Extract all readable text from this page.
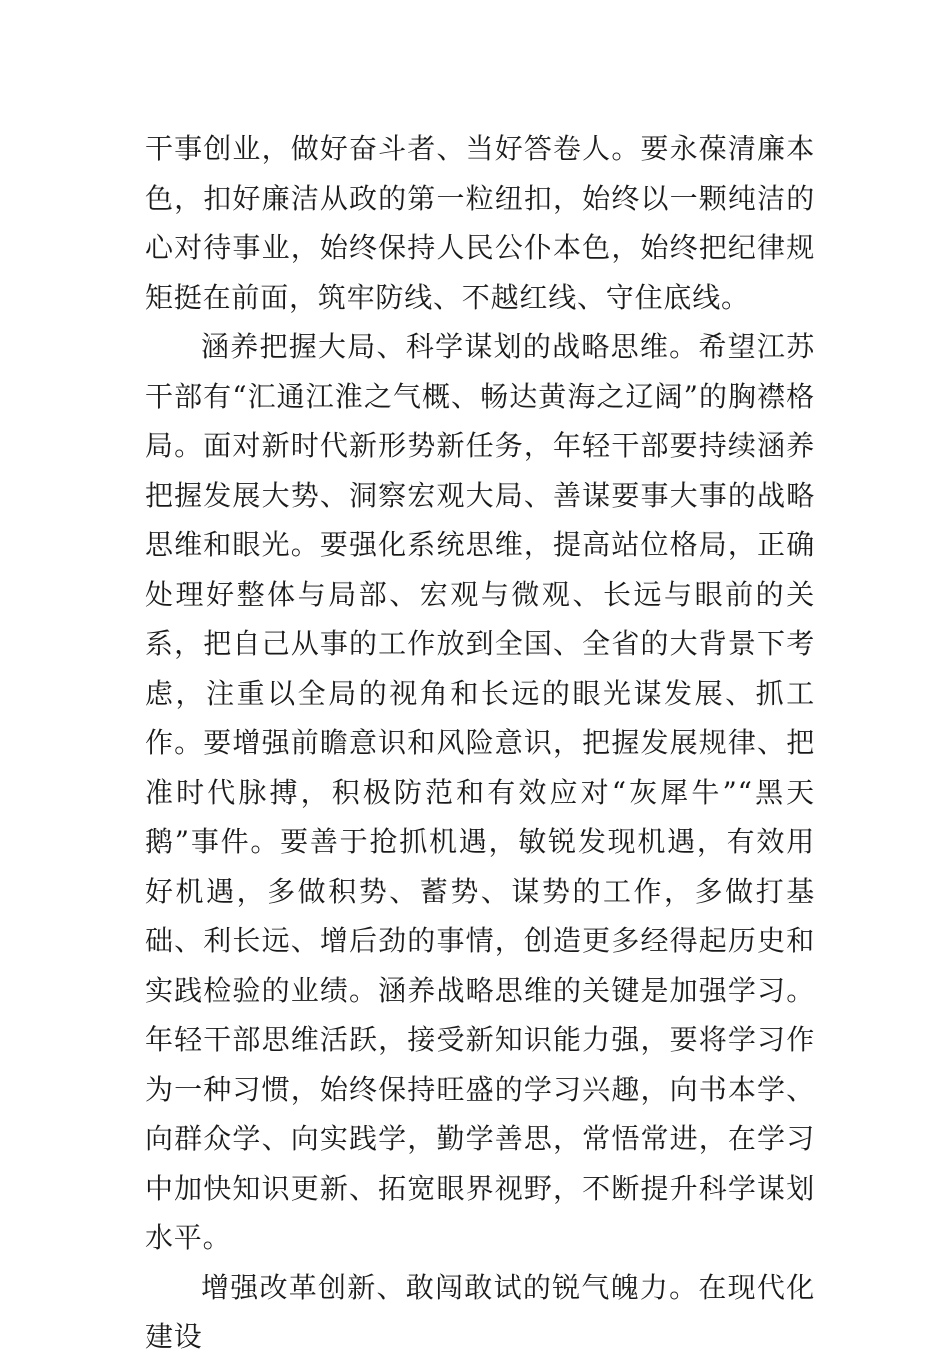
干事创业，做好奋斗者、当好答卷人。要永葆清廉本色，扣好廉洁从政的第一粒纽扣，始终以一颗纯洁的心对待事业，始终保持人民公仆本色，始终把纪律规矩挺在前面，筑牢防线、不越红线、守住底线。

涵养把握大局、科学谋划的战略思维。希望江苏干部有“汇通江淮之气概、畅达黄海之辽阔”的胸襟格局。面对新时代新形势新任务，年轻干部要持续涵养把握发展大势、洞察宏观大局、善谋要事大事的战略思维和眼光。要强化系统思维，提高站位格局，正确处理好整体与局部、宏观与微观、长远与眼前的关系，把自己从事的工作放到全国、全省的大背景下考虑，注重以全局的视角和长远的眼光谋发展、抓工作。要增强前瞻意识和风险意识，把握发展规律、把准时代脉搏，积极防范和有效应对“灰犀牛”“黑天鹅”事件。要善于抢抓机遇，敏锐发现机遇，有效用好机遇，多做积势、蓄势、谋势的工作，多做打基础、利长远、增后劲的事情，创造更多经得起历史和实践检验的业绩。涵养战略思维的关键是加强学习。年轻干部思维活跃，接受新知识能力强，要将学习作为一种习惯，始终保持旺盛的学习兴趣，向书本学、向群众学、向实践学，勤学善思，常悟常进，在学习中加快知识更新、拓宽眼界视野，不断提升科学谋划水平。

增强改革创新、敢闯敢试的锐气魄力。在现代化建设
